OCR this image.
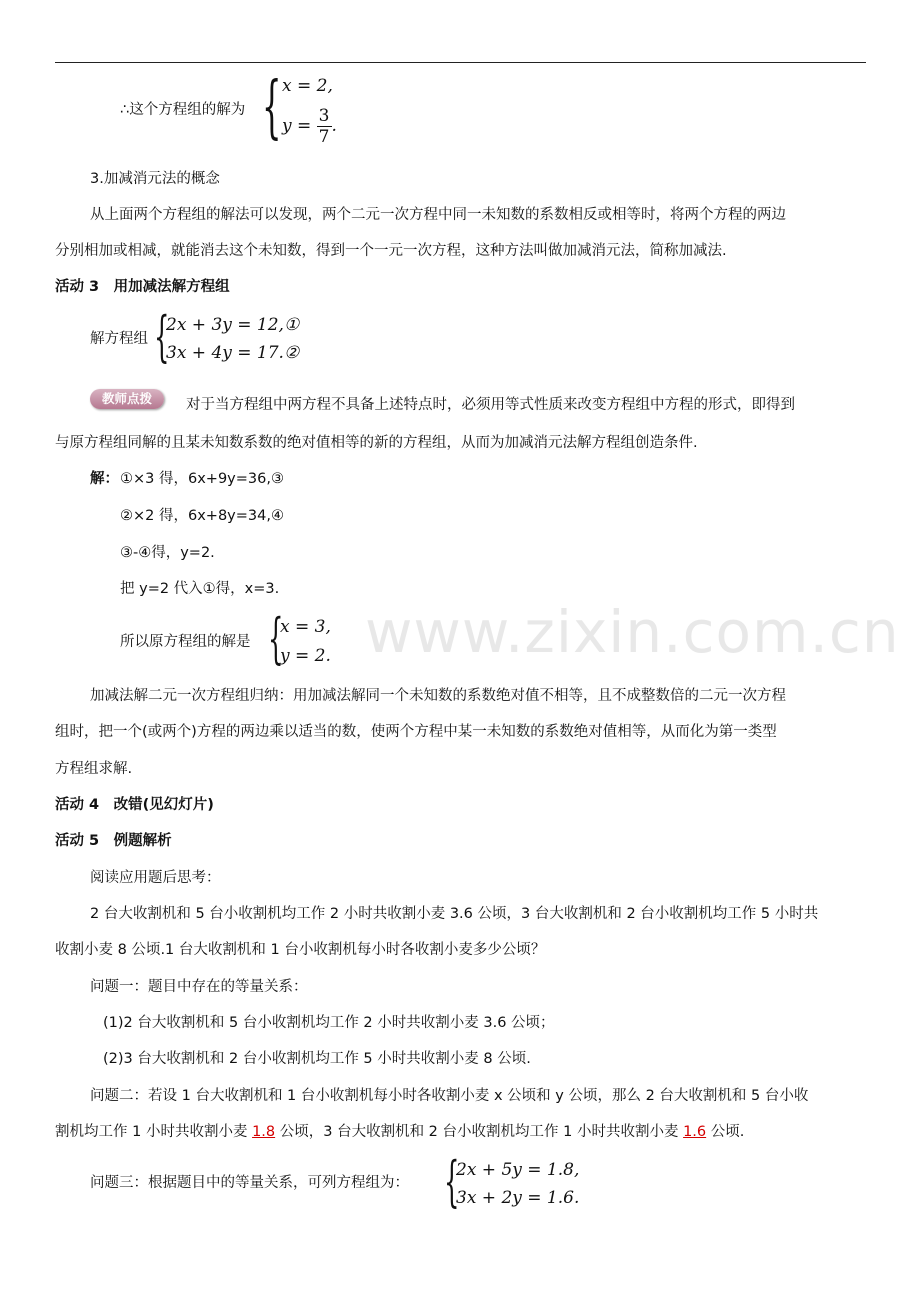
www.zixin.com.cn
∴这个方程组的解为 { x = 2,
$y = \frac{3}{7}$ .
3.加减消元法的概念
从上面两个方程组的解法可以发现，两个二元一次方程中同一未知数的系数相反或相等时，将两个方程的两边
分别相加或相减，就能消去这个未知数，得到一个一元一次方程，这种方法叫做加减消元法，简称加减法.
活动 3　用加减法解方程组
解方程组 {
2x + 3y = 12,①
3x + 4y = 17.②
教师点拨	对于当方程组中两方程不具备上述特点时，必须用等式性质来改变方程组中方程的形式，即得到
与原方程组同解的且某未知数系数的绝对值相等的新的方程组，从而为加减消元法解方程组创造条件.
解： ①×3 得，6x+9y=36,③
②×2 得，6x+8y=34,④
③-④得，y=2.
把 y=2 代入①得，x=3.
所以原方程组的解是 {
x = 3,
y = 2.
加减法解二元一次方程组归纳：用加减法解同一个未知数的系数绝对值不相等，且不成整数倍的二元一次方程
组时，把一个(或两个)方程的两边乘以适当的数，使两个方程中某一未知数的系数绝对值相等，从而化为第一类型
方程组求解.
活动 4　改错(见幻灯片)
活动 5　例题解析
阅读应用题后思考：
2 台大收割机和 5 台小收割机均工作 2 小时共收割小麦 3.6 公顷，3 台大收割机和 2 台小收割机均工作 5 小时共
收割小麦 8 公顷.1 台大收割机和 1 台小收割机每小时各收割小麦多少公顷？
问题一：题目中存在的等量关系：
(1)2 台大收割机和 5 台小收割机均工作 2 小时共收割小麦 3.6 公顷；
(2)3 台大收割机和 2 台小收割机均工作 5 小时共收割小麦 8 公顷.
问题二：若设 1 台大收割机和 1 台小收割机每小时各收割小麦 x 公顷和 y 公顷，那么 2 台大收割机和 5 台小收
割机均工作 1 小时共收割小麦 1.8 公顷，3 台大收割机和 2 台小收割机均工作 1 小时共收割小麦 1.6 公顷.
问题三：根据题目中的等量关系，可列方程组为： {
2x + 5y = 1.8,
3x + 2y = 1.6.
